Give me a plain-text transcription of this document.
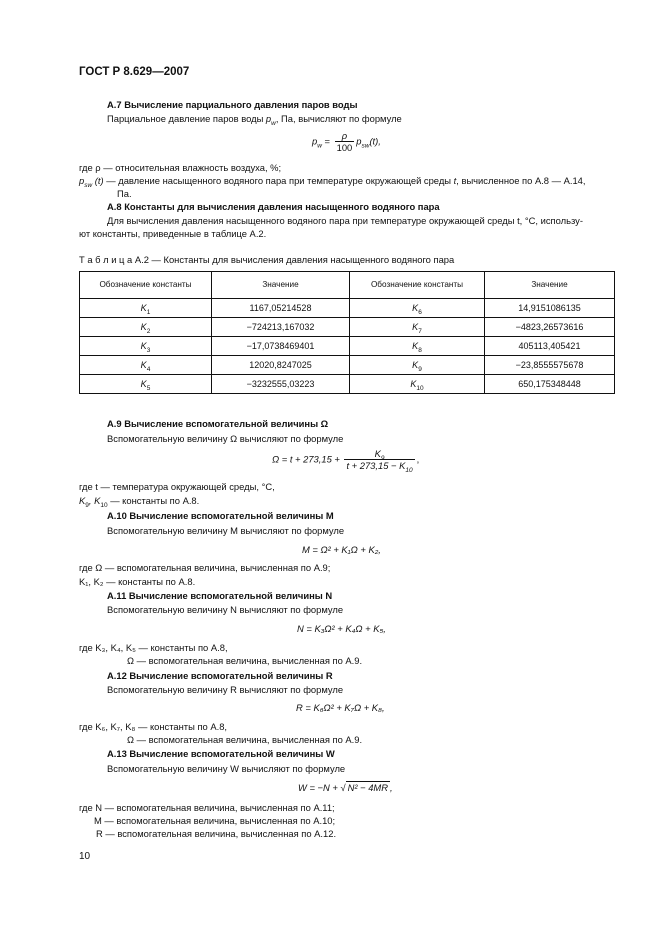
ГОСТ Р 8.629—2007
А.7 Вычисление парциального давления паров воды
Парциальное давление паров воды $p_w$, Па, вычисляют по формуле
$p_w = \frac{\rho}{100} p_{sw}(t)$,
где ρ — относительная влажность воздуха, %;
$p_{sw}$ (t) — давление насыщенного водяного пара при температуре окружающей среды t, вычисленное по А.8 — А.14,
Па.
А.8 Константы для вычисления давления насыщенного водяного пара
Для вычисления давления насыщенного водяного пара при температуре окружающей среды t, °С, использу-
ют константы, приведенные в таблице А.2.
Т а б л и ц а А.2 — Константы для вычисления давления насыщенного водяного пара
Обозначение константы	Значение	Обозначение константы	Значение
$K_1$	1167,05214528	$K_6$	14,9151086135
$K_2$	−724213,167032	$K_7$	−4823,26573616
$K_3$	−17,0738469401	$K_8$	405113,405421
$K_4$	12020,8247025	$K_9$	−23,8555575678
$K_5$	−3232555,03223	$K_{10}$	650,175348448
А.9 Вычисление вспомогательной величины Ω
Вспомогательную величину Ω вычисляют по формуле
$\Omega = t + 273,15 + \frac{K_9}{t + 273,15 - K_{10}}$ ,
где t — температура окружающей среды, °С,
$K_9$, $K_{10}$ — константы по А.8.
А.10 Вычисление вспомогательной величины M
Вспомогательную величину M вычисляют по формуле
M = Ω² + K₁Ω + K₂,
где Ω — вспомогательная величина, вычисленная по А.9;
K₁, K₂ — константы по А.8.
А.11 Вычисление вспомогательной величины N
Вспомогательную величину N вычисляют по формуле
N = K₃Ω² + K₄Ω + K₅,
где K₃, K₄, K₅ — константы по А.8,
Ω — вспомогательная величина, вычисленная по А.9.
А.12 Вычисление вспомогательной величины R
Вспомогательную величину R вычисляют по формуле
R = K₆Ω² + K₇Ω + K₈,
где K₆, K₇, K₈ — константы по А.8,
Ω — вспомогательная величина, вычисленная по А.9.
А.13 Вычисление вспомогательной величины W
Вспомогательную величину W вычисляют по формуле
W = −N + √ N² − 4MR ,
где N — вспомогательная величина, вычисленная по А.11;
M — вспомогательная величина, вычисленная по А.10;
R — вспомогательная величина, вычисленная по А.12.
10
